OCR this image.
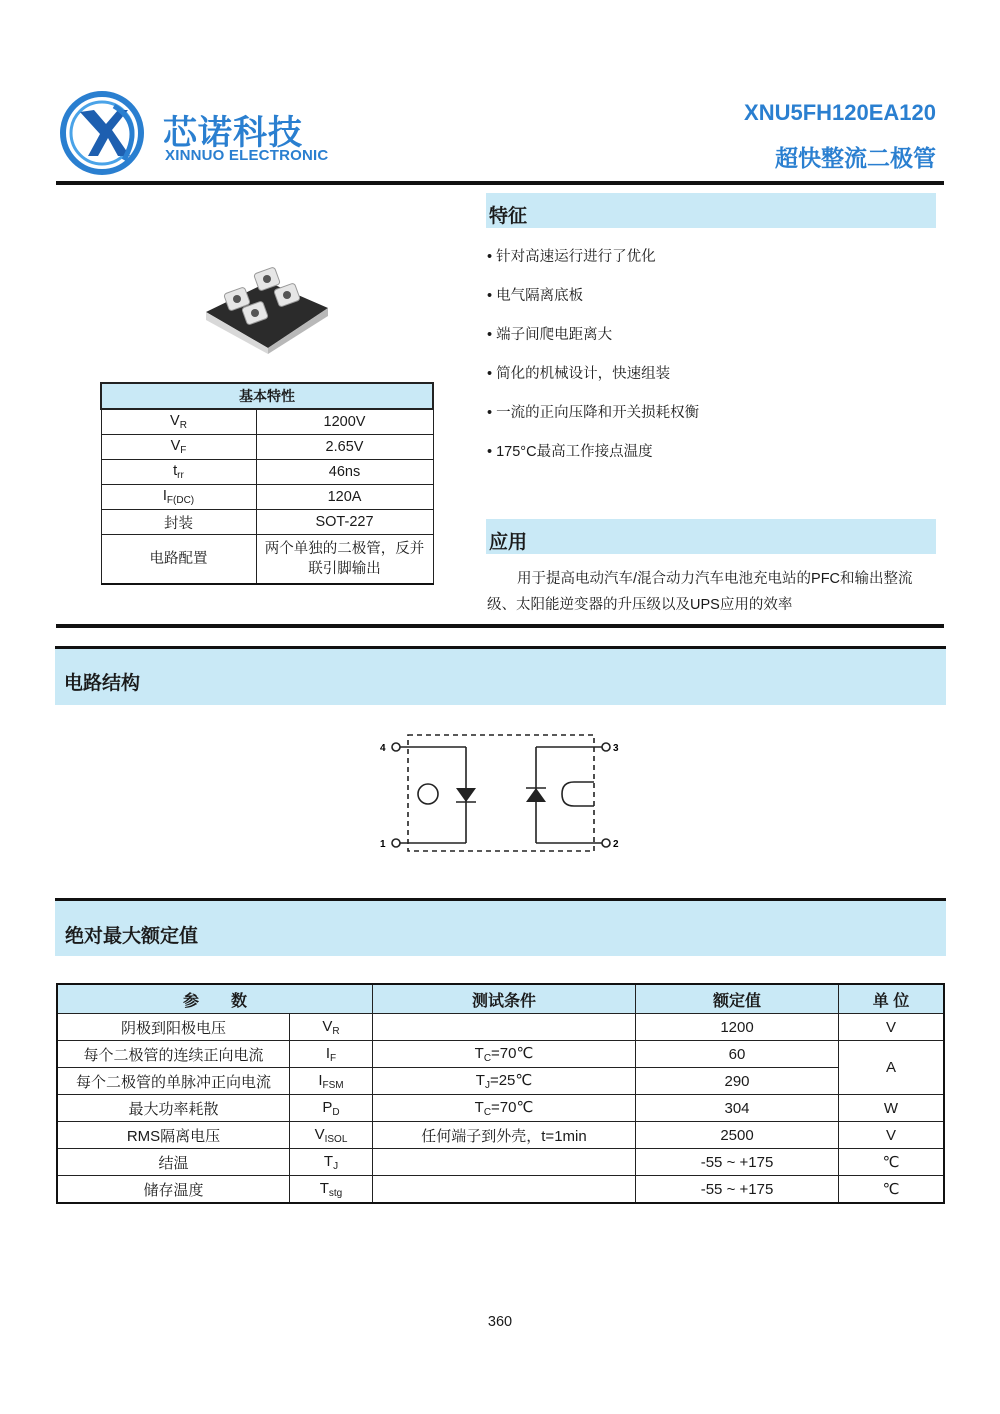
芯诺科技
XINNUO ELECTRONIC
XNU5FH120EA120
超快整流二极管
基本特性	
$V_R$	1200V
$V_F$	2.65V
$t_{rr}$	46ns
$I_{F(DC)}$	120A
封装	SOT-227
电路配置	两个单独的二极管，反并
联引脚输出
特征
• 针对高速运行进行了优化
• 电气隔离底板
• 端子间爬电距离大
• 简化的机械设计，快速组装
• 一流的正向压降和开关损耗权衡
• 175°C最高工作接点温度
应用
用于提高电动汽车/混合动力汽车电池充电站的PFC和输出整流级、太阳能逆变器的升压级以及UPS应用的效率
电路结构
4
1
3
2
绝对最大额定值
参　　数		测试条件	额定值	单 位
阴极到阳极电压	$V_R$		1200	V
每个二极管的连续正向电流	$I_F$	$T_C=70℃$	60	A
每个二极管的单脉冲正向电流	$I_{FSM}$	$T_J=25℃$	290	
最大功率耗散	$P_D$	$T_C=70℃$	304	W
RMS隔离电压	$V_{ISOL}$	任何端子到外壳，t=1min	2500	V
结温	$T_J$		-55 ~ +175	℃
储存温度	$T_{stg}$		-55 ~ +175	℃
360
